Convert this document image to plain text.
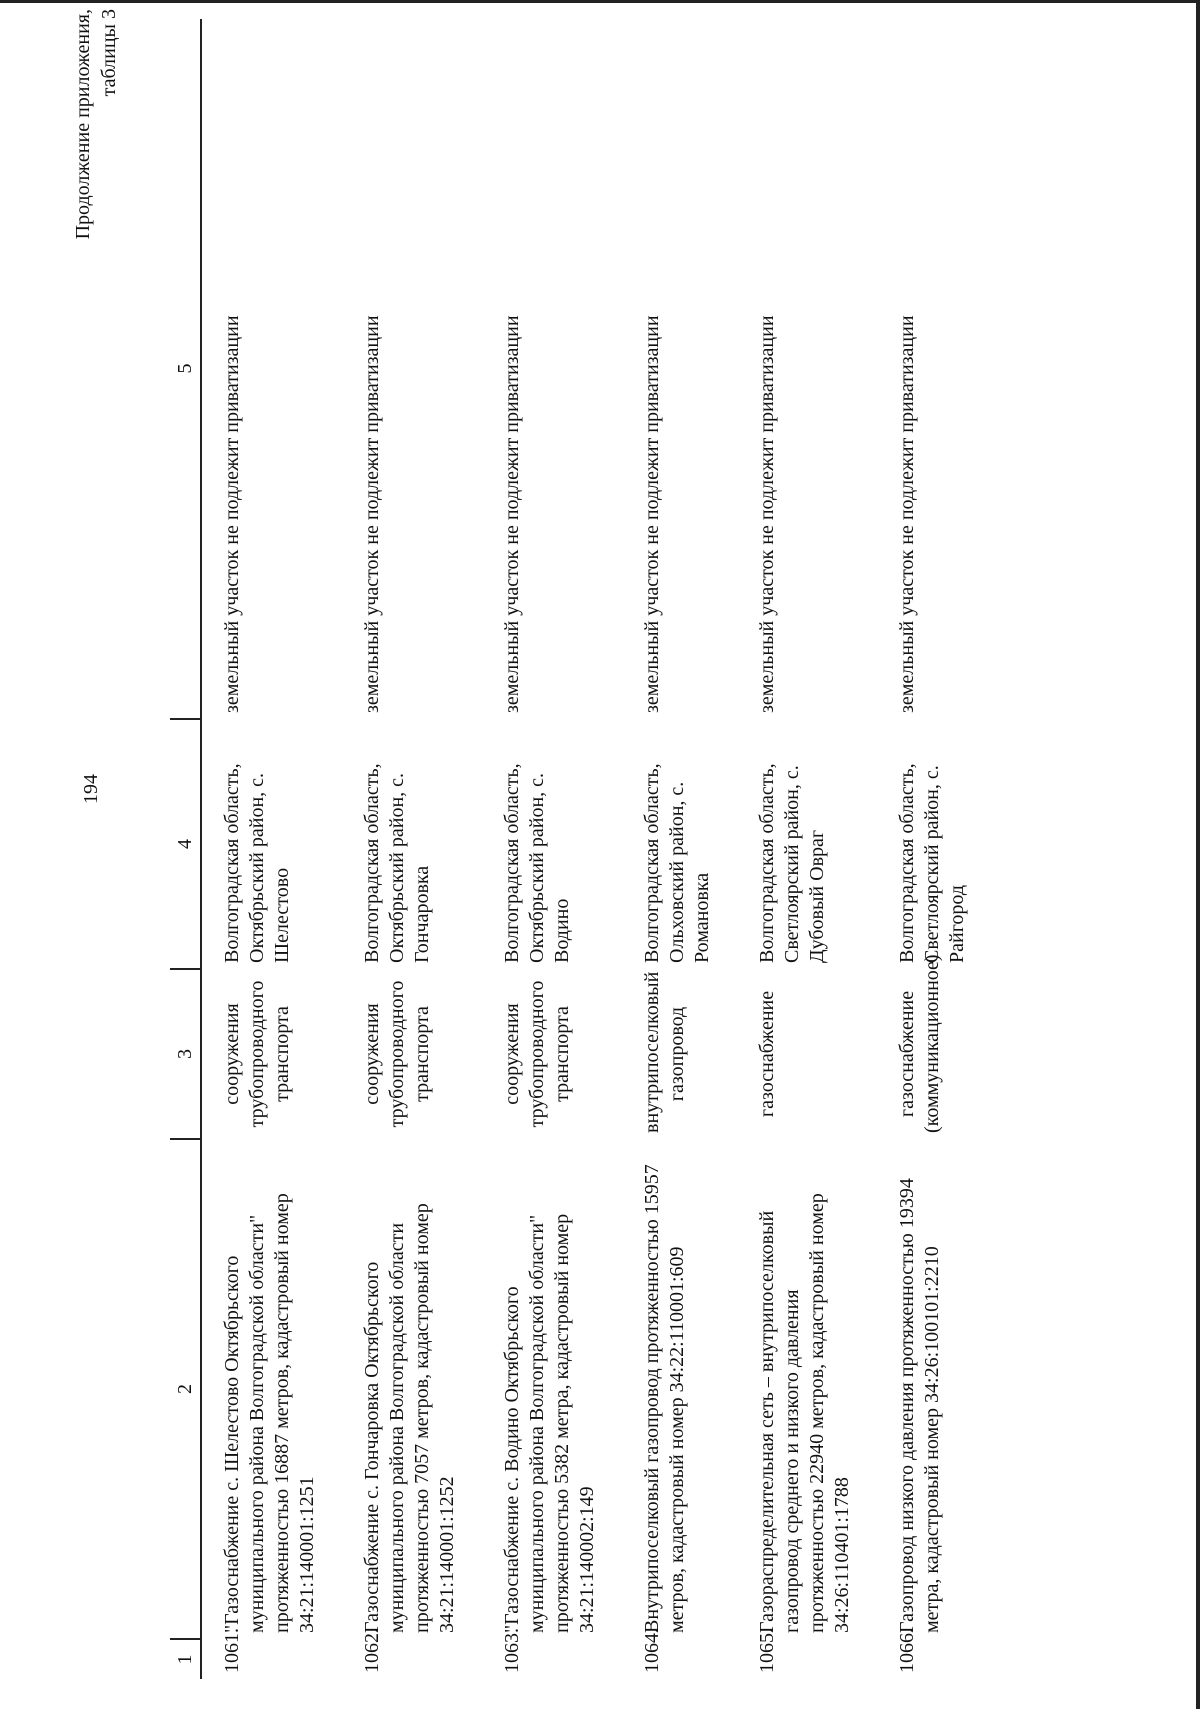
194
Продолжение приложения, таблицы 3
1	2	3	4	5
1061.	"Газоснабжение с. Шелестово Октябрьского муниципального района Волгоградской области" протяженностью 16887 метров, кадастровый номер 34:21:140001:1251	сооружения трубопроводного транспорта	Волгоградская область, Октябрьский район, с. Шелестово	земельный участок не подлежит приватизации
1062.	Газоснабжение с. Гончаровка Октябрьского муниципального района Волгоградской области протяженностью 7057 метров, кадастровый номер 34:21:140001:1252	сооружения трубопроводного транспорта	Волгоградская область, Октябрьский район, с. Гончаровка	земельный участок не подлежит приватизации
1063.	"Газоснабжение с. Водино Октябрьского муниципального района Волгоградской области" протяженностью 5382 метра, кадастровый номер 34:21:140002:149	сооружения трубопроводного транспорта	Волгоградская область, Октябрьский район, с. Водино	земельный участок не подлежит приватизации
1064.	Внутрипоселковый газопровод протяженностью 15957 метров, кадастровый номер 34:22:110001:609	внутрипоселковый газопровод	Волгоградская область, Ольховский район, с. Романовка	земельный участок не подлежит приватизации
1065.	Газораспределительная сеть – внутрипоселковый газопровод среднего и низкого давления протяженностью 22940 метров, кадастровый номер 34:26:110401:1788	газоснабжение	Волгоградская область, Светлоярский район, с. Дубовый Овраг	земельный участок не подлежит приватизации
1066.	Газопровод низкого давления протяженностью 19394 метра, кадастровый номер 34:26:100101:2210	газоснабжение (коммуникационное)	Волгоградская область, Светлоярский район, с. Райгород	земельный участок не подлежит приватизации
